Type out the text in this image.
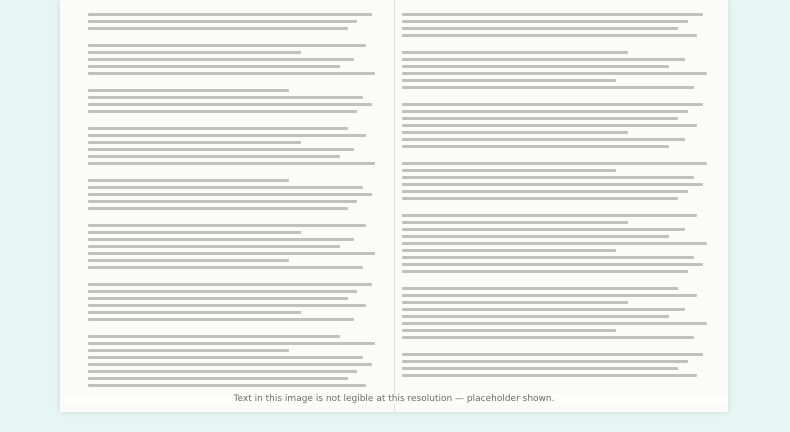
Text in this image is not legible at this resolution — placeholder shown.
